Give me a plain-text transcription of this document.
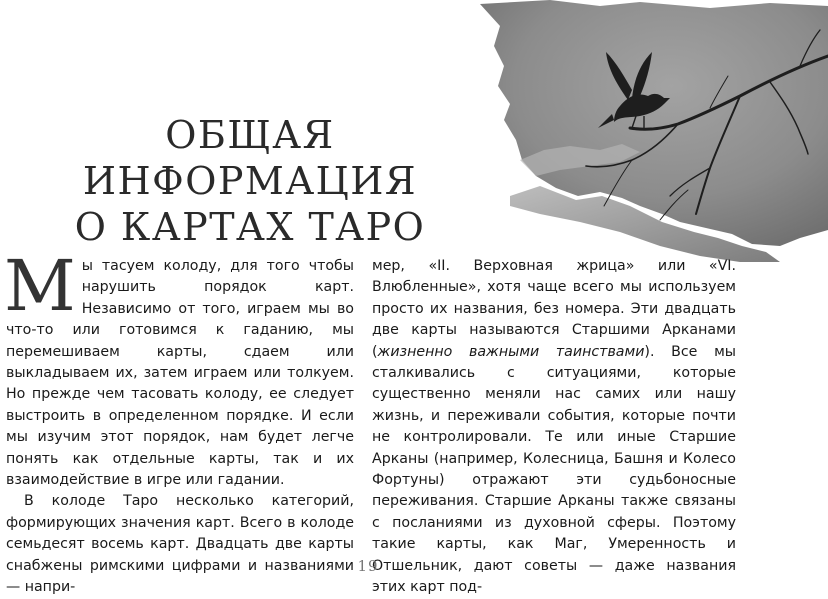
ОБЩАЯ ИНФОРМАЦИЯ
О КАРТАХ ТАРО

Мы тасуем колоду, для того чтобы нарушить порядок карт. Независимо от того, играем мы во что-то или готовимся к гаданию, мы перемешиваем карты, сдаем или выкладываем их, затем играем или толкуем. Но прежде чем тасовать колоду, ее следует выстроить в определенном порядке. И если мы изучим этот порядок, нам будет легче понять как отдельные карты, так и их взаимодействие в игре или гадании.

В колоде Таро несколько категорий, формирующих значения карт. Всего в колоде семьдесят восемь карт. Двадцать две карты снабжены римскими цифрами и названиями — напри-

мер, «II. Верховная жрица» или «VI. Влюбленные», хотя чаще всего мы используем просто их названия, без номера. Эти двадцать две карты называются Старшими Арканами (жизненно важными таинствами). Все мы сталкивались с ситуациями, которые существенно меняли нас самих или нашу жизнь, и переживали события, которые почти не контролировали. Те или иные Старшие Арканы (например, Колесница, Башня и Колесо Фортуны) отражают эти судьбоносные переживания. Старшие Арканы также связаны с посланиями из духовной сферы. Поэтому такие карты, как Маг, Умеренность и Отшельник, дают советы — даже названия этих карт под-

19
